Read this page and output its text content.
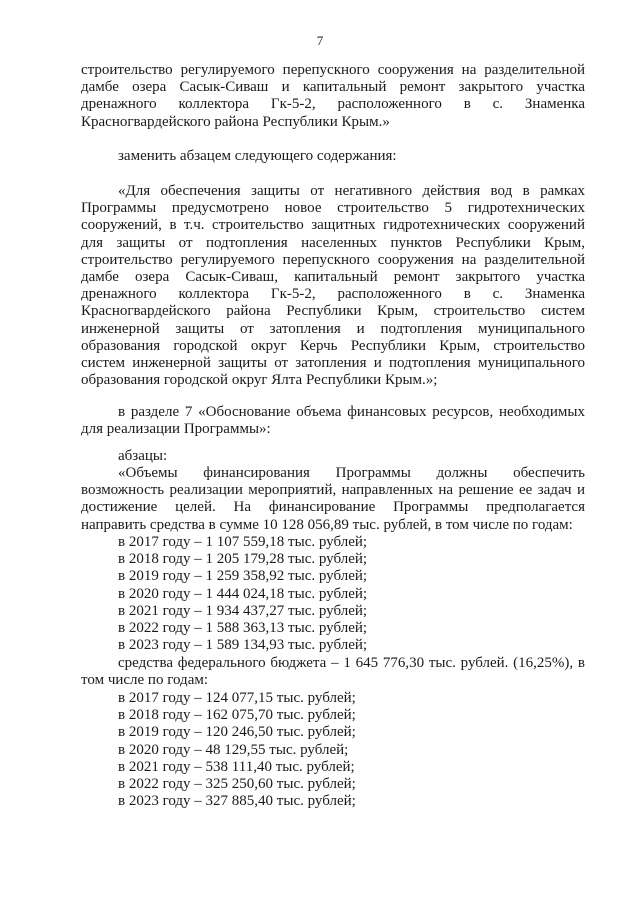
7
строительство регулируемого перепускного сооружения на разделительной
дамбе озера Сасык-Сиваш и капитальный ремонт закрытого участка
дренажного коллектора Гк-5-2, расположенного в с. Знаменка
Красногвардейского района Республики Крым.»
заменить абзацем следующего содержания:
«Для обеспечения защиты от негативного действия вод в рамках
Программы предусмотрено новое строительство 5 гидротехнических
сооружений, в т.ч. строительство защитных гидротехнических сооружений
для защиты от подтопления населенных пунктов Республики Крым,
строительство регулируемого перепускного сооружения на разделительной
дамбе озера Сасык-Сиваш, капитальный ремонт закрытого участка
дренажного коллектора Гк-5-2, расположенного в с. Знаменка
Красногвардейского района Республики Крым, строительство систем
инженерной защиты от затопления и подтопления муниципального
образования городской округ Керчь Республики Крым, строительство
систем инженерной защиты от затопления и подтопления муниципального
образования городской округ Ялта Республики Крым.»;
в разделе 7 «Обоснование объема финансовых ресурсов, необходимых
для реализации Программы»:
абзацы:
«Объемы финансирования Программы должны обеспечить
возможность реализации мероприятий, направленных на решение ее задач и
достижение целей. На финансирование Программы предполагается
направить средства в сумме 10 128 056,89 тыс. рублей, в том числе по годам:
в 2017 году – 1 107 559,18 тыс. рублей;
в 2018 году – 1 205 179,28 тыс. рублей;
в 2019 году – 1 259 358,92 тыс. рублей;
в 2020 году – 1 444 024,18 тыс. рублей;
в 2021 году – 1 934 437,27 тыс. рублей;
в 2022 году – 1 588 363,13 тыс. рублей;
в 2023 году – 1 589 134,93 тыс. рублей;
средства федерального бюджета – 1 645 776,30 тыс. рублей. (16,25%), в
том числе по годам:
в 2017 году – 124 077,15 тыс. рублей;
в 2018 году – 162 075,70 тыс. рублей;
в 2019 году – 120 246,50 тыс. рублей;
в 2020 году – 48 129,55 тыс. рублей;
в 2021 году – 538 111,40 тыс. рублей;
в 2022 году – 325 250,60 тыс. рублей;
в 2023 году – 327 885,40 тыс. рублей;
